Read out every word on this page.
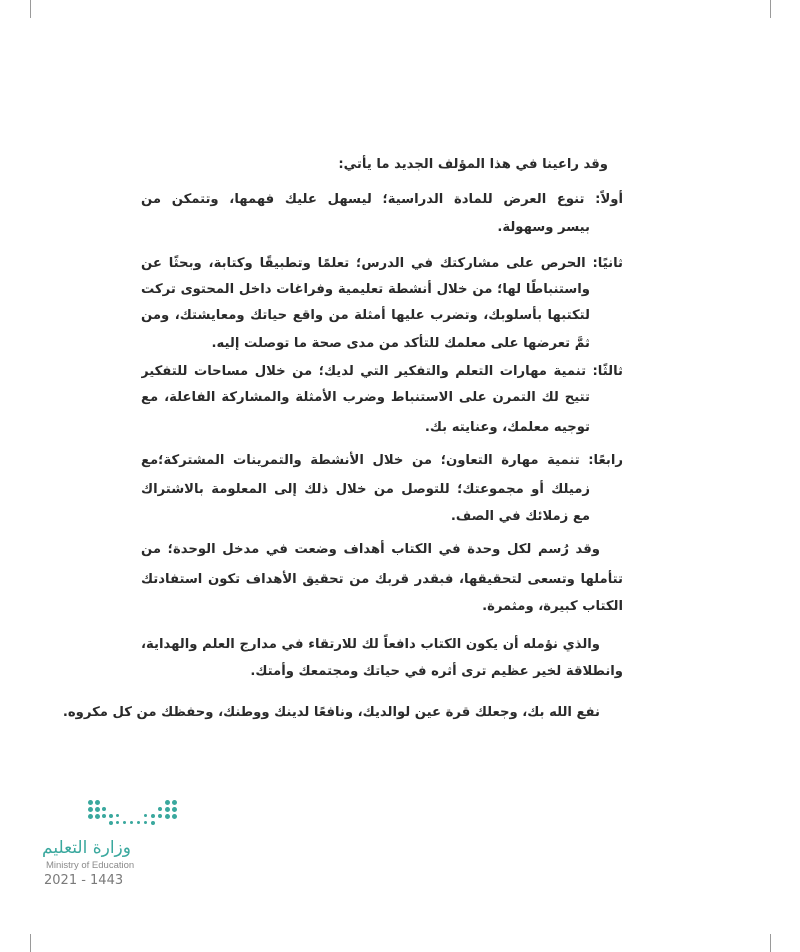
وقد راعينا في هذا المؤلف الجديد ما يأتي:
أولاً: تنوع العرض للمادة الدراسية؛ ليسهل عليك فهمها، وتتمكن من
بيسر وسهولة.
ثانيًا: الحرص على مشاركتك في الدرس؛ تعلمًا وتطبيقًا وكتابة، وبحثًا عن
واستنباطًا لها؛ من خلال أنشطة تعليمية وفراغات داخل المحتوى تركت
لتكتبها بأسلوبك، وتضرب عليها أمثلة من واقع حياتك ومعايشتك، ومن
ثمَّ تعرضها على معلمك للتأكد من مدى صحة ما توصلت إليه.
ثالثًا: تنمية مهارات التعلم والتفكير التي لديك؛ من خلال مساحات للتفكير
تتيح لك التمرن على الاستنباط وضرب الأمثلة والمشاركة الفاعلة، مع
توجيه معلمك، وعنايته بك.
رابعًا: تنمية مهارة التعاون؛ من خلال الأنشطة والتمرينات المشتركة؛مع
زميلك أو مجموعتك؛ للتوصل من خلال ذلك إلى المعلومة بالاشتراك
مع زملائك في الصف.
وقد رُسم لكل وحدة في الكتاب أهداف وضعت في مدخل الوحدة؛ من
تتأملها وتسعى لتحقيقها، فبقدر قربك من تحقيق الأهداف تكون استفادتك
الكتاب كبيرة، ومثمرة.
والذي نؤمله أن يكون الكتاب دافعاً لك للارتقاء في مدارج العلم والهداية،
وانطلاقة لخير عظيم ترى أثره في حياتك ومجتمعك وأمتك.
نفع الله بك، وجعلك قرة عين لوالديك، ونافعًا لدينك ووطنك، وحفظك من كل مكروه.
وزارة التعليم
Ministry of Education
2021 - 1443
